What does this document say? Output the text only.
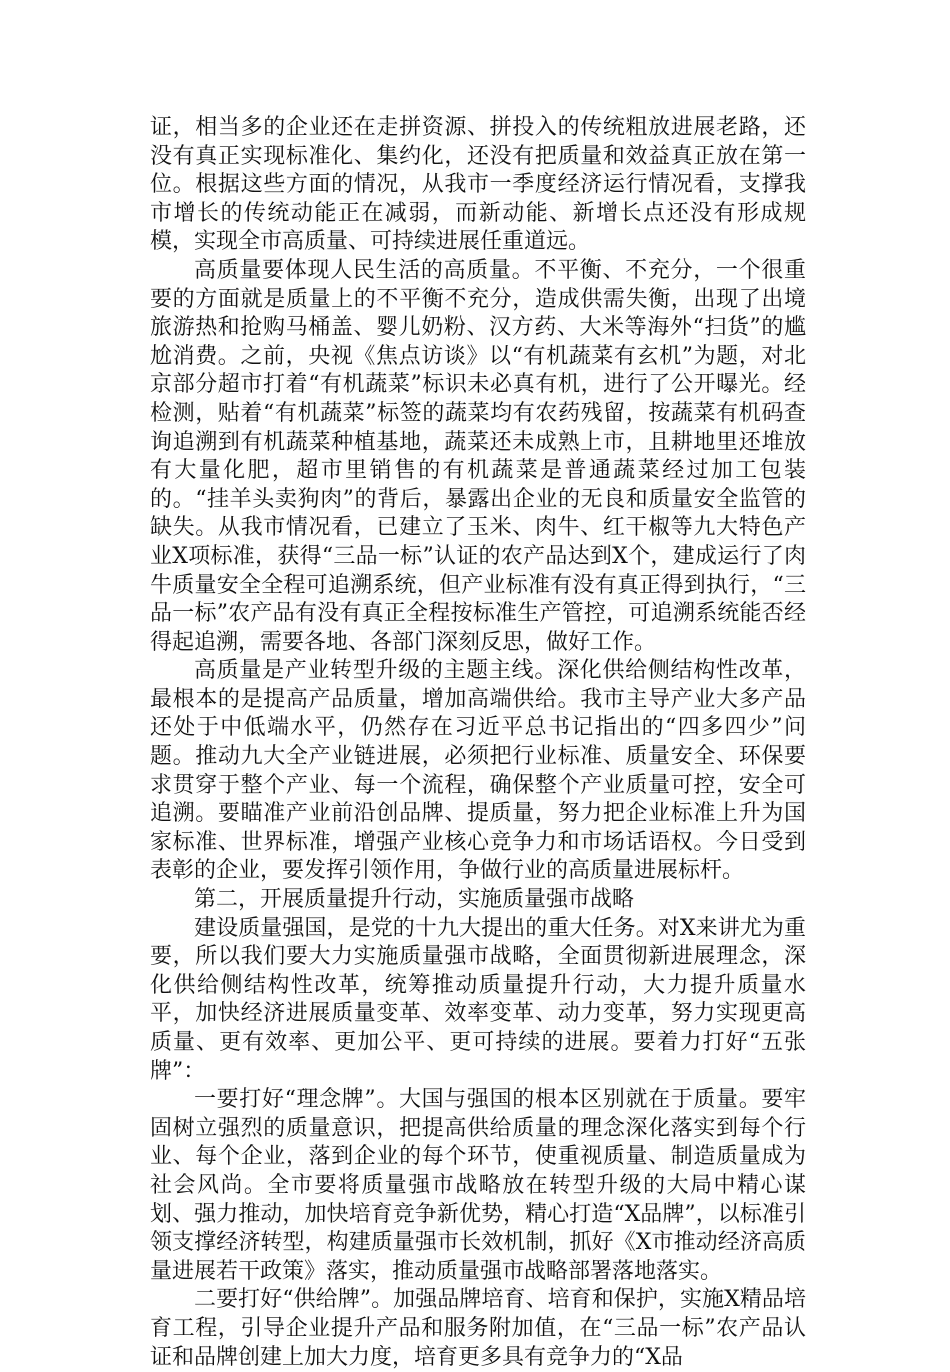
证，相当多的企业还在走拼资源、拼投入的传统粗放进展老路，还没有真正实现标准化、集约化，还没有把质量和效益真正放在第一位。根据这些方面的情况，从我市一季度经济运行情况看，支撑我市增长的传统动能正在减弱，而新动能、新增长点还没有形成规模，实现全市高质量、可持续进展任重道远。

高质量要体现人民生活的高质量。不平衡、不充分，一个很重要的方面就是质量上的不平衡不充分，造成供需失衡，出现了出境旅游热和抢购马桶盖、婴儿奶粉、汉方药、大米等海外“扫货”的尴尬消费。之前，央视《焦点访谈》以“有机蔬菜有玄机”为题，对北京部分超市打着“有机蔬菜”标识未必真有机，进行了公开曝光。经检测，贴着“有机蔬菜”标签的蔬菜均有农药残留，按蔬菜有机码查询追溯到有机蔬菜种植基地，蔬菜还未成熟上市，且耕地里还堆放有大量化肥，超市里销售的有机蔬菜是普通蔬菜经过加工包装的。“挂羊头卖狗肉”的背后，暴露出企业的无良和质量安全监管的缺失。从我市情况看，已建立了玉米、肉牛、红干椒等九大特色产业X项标准，获得“三品一标”认证的农产品达到X个，建成运行了肉牛质量安全全程可追溯系统，但产业标准有没有真正得到执行，“三品一标”农产品有没有真正全程按标准生产管控，可追溯系统能否经得起追溯，需要各地、各部门深刻反思，做好工作。

高质量是产业转型升级的主题主线。深化供给侧结构性改革，最根本的是提高产品质量，增加高端供给。我市主导产业大多产品还处于中低端水平，仍然存在习近平总书记指出的“四多四少”问题。推动九大全产业链进展，必须把行业标准、质量安全、环保要求贯穿于整个产业、每一个流程，确保整个产业质量可控，安全可追溯。要瞄准产业前沿创品牌、提质量，努力把企业标准上升为国家标准、世界标准，增强产业核心竞争力和市场话语权。今日受到表彰的企业，要发挥引领作用，争做行业的高质量进展标杆。

第二，开展质量提升行动，实施质量强市战略

建设质量强国，是党的十九大提出的重大任务。对X来讲尤为重要，所以我们要大力实施质量强市战略，全面贯彻新进展理念，深化供给侧结构性改革，统筹推动质量提升行动，大力提升质量水平，加快经济进展质量变革、效率变革、动力变革，努力实现更高质量、更有效率、更加公平、更可持续的进展。要着力打好“五张牌”：

一要打好“理念牌”。大国与强国的根本区别就在于质量。要牢固树立强烈的质量意识，把提高供给质量的理念深化落实到每个行业、每个企业，落到企业的每个环节，使重视质量、制造质量成为社会风尚。全市要将质量强市战略放在转型升级的大局中精心谋划、强力推动，加快培育竞争新优势，精心打造“X品牌”，以标准引领支撑经济转型，构建质量强市长效机制，抓好《X市推动经济高质量进展若干政策》落实，推动质量强市战略部署落地落实。

二要打好“供给牌”。加强品牌培育、培育和保护，实施X精品培育工程，引导企业提升产品和服务附加值，在“三品一标”农产品认证和品牌创建上加大力度，培育更多具有竞争力的“X品
